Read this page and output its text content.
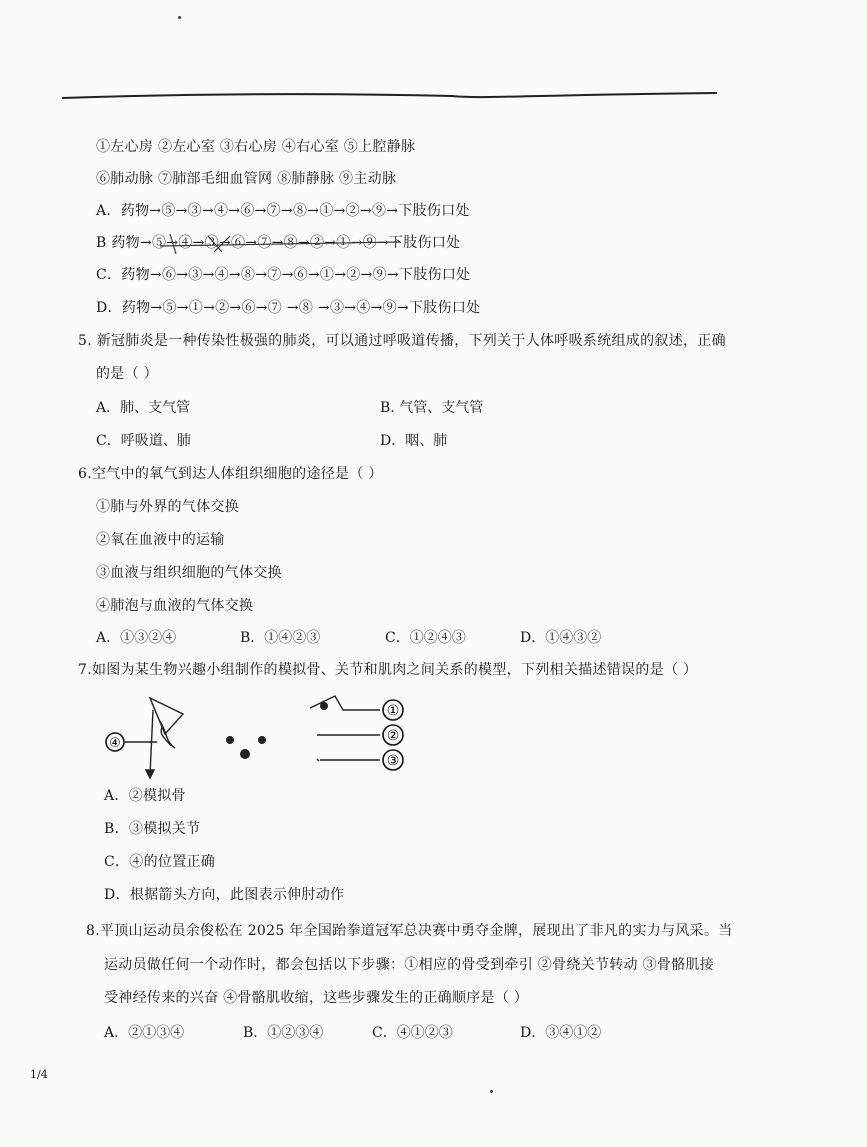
①左心房 ②左心室 ③右心房 ④右心室 ⑤上腔静脉
⑥肺动脉 ⑦肺部毛细血管网 ⑧肺静脉 ⑨主动脉
A．药物→⑤→③→④→⑥→⑦→⑧→①→②→⑨→下肢伤口处
B 药物→⑤→④→③→⑥→⑦→⑧→②→①→⑨→下肢伤口处
C．药物→⑥→③→④→⑧→⑦→⑥→①→②→⑨→下肢伤口处
D．药物→⑤→①→②→⑥→⑦ →⑧ →③→④→⑨→下肢伤口处
5. 新冠肺炎是一种传染性极强的肺炎，可以通过呼吸道传播，下列关于人体呼吸系统组成的叙述，正确
的是（ ）
A．肺、支气管	B. 气管、支气管
C．呼吸道、肺	D．咽、肺
6.空气中的氧气到达人体组织细胞的途径是（ ）
①肺与外界的气体交换
②氧在血液中的运输
③血液与组织细胞的气体交换
④肺泡与血液的气体交换
A．①③②④	B．①④②③	C．①②④③	D．①④③②
7.如图为某生物兴趣小组制作的模拟骨、关节和肌肉之间关系的模型，下列相关描述错误的是（ ）
④
①
②
③
A．②模拟骨
B．③模拟关节
C．④的位置正确
D．根据箭头方向，此图表示伸肘动作
8.平顶山运动员余俊松在 2025 年全国跆拳道冠军总决赛中勇夺金牌，展现出了非凡的实力与风采。当
运动员做任何一个动作时，都会包括以下步骤：①相应的骨受到牵引 ②骨绕关节转动 ③骨骼肌接
受神经传来的兴奋 ④骨骼肌收缩，这些步骤发生的正确顺序是（ ）
A．②①③④	B．①②③④	C．④①②③	D．③④①②
1/4
